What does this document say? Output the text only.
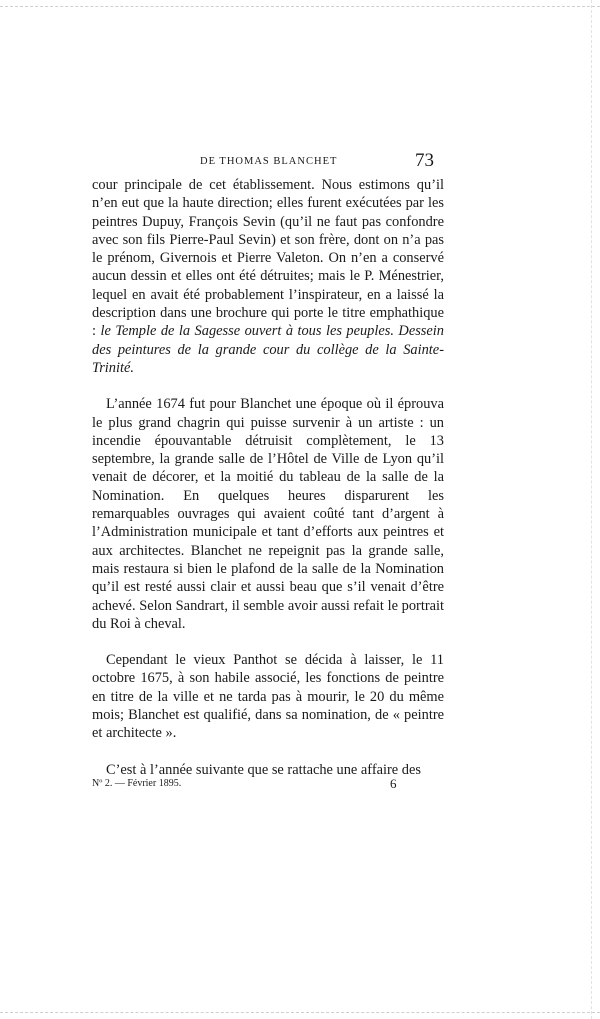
DE THOMAS BLANCHET	73

cour principale de cet établissement. Nous estimons qu’il n’en eut que la haute direction; elles furent exécutées par les peintres Dupuy, François Sevin (qu’il ne faut pas confondre avec son fils Pierre-Paul Sevin) et son frère, dont on n’a pas le prénom, Givernois et Pierre Valeton. On n’en a conservé aucun dessin et elles ont été détruites; mais le P. Ménestrier, lequel en avait été probablement l’inspirateur, en a laissé la description dans une brochure qui porte le titre emphathique : le Temple de la Sagesse ouvert à tous les peuples. Dessein des peintures de la grande cour du collège de la Sainte-Trinité.

L’année 1674 fut pour Blanchet une époque où il éprouva le plus grand chagrin qui puisse survenir à un artiste : un incendie épouvantable détruisit complètement, le 13 septembre, la grande salle de l’Hôtel de Ville de Lyon qu’il venait de décorer, et la moitié du tableau de la salle de la Nomination. En quelques heures disparurent les remarquables ouvrages qui avaient coûté tant d’argent à l’Administration municipale et tant d’efforts aux peintres et aux architectes. Blanchet ne repeignit pas la grande salle, mais restaura si bien le plafond de la salle de la Nomination qu’il est resté aussi clair et aussi beau que s’il venait d’être achevé. Selon Sandrart, il semble avoir aussi refait le portrait du Roi à cheval.

Cependant le vieux Panthot se décida à laisser, le 11 octobre 1675, à son habile associé, les fonctions de peintre en titre de la ville et ne tarda pas à mourir, le 20 du même mois; Blanchet est qualifié, dans sa nomination, de « peintre et architecte ».

C’est à l’année suivante que se rattache une affaire des

Nº 2. — Février 1895.	6
